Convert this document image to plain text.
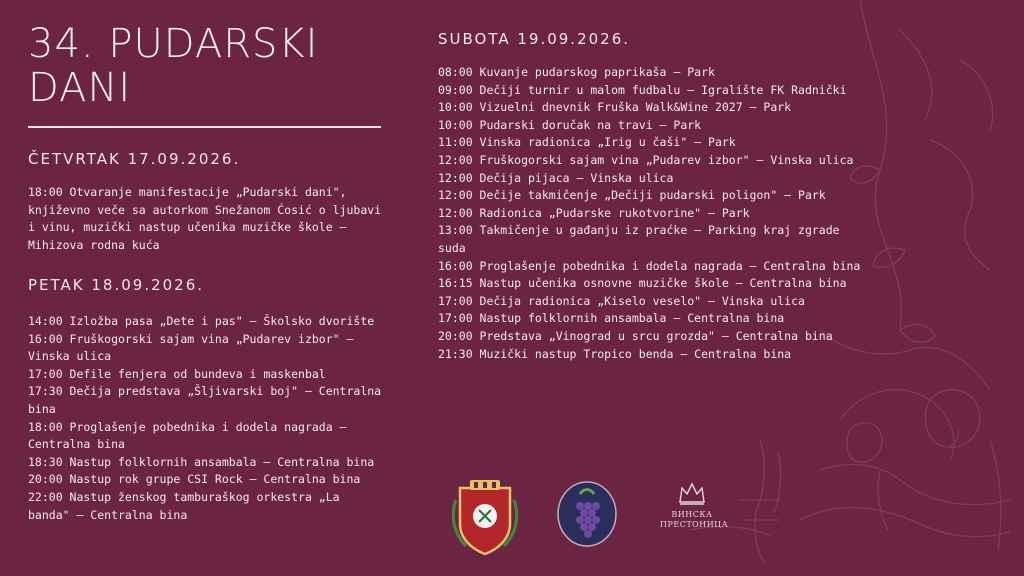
34. PUDARSKI
DANI
ČETVRTAK 17.09.2026.
18:00 Otvaranje manifestacije „Pudarski dani", književno veče sa autorkom Snežanom Ćosić o ljubavi i vinu, muzički nastup učenika muzičke škole – Mihizova rodna kuća
PETAK 18.09.2026.
14:00 Izložba pasa „Dete i pas" – Školsko dvorište
16:00 Fruškogorski sajam vina „Pudarev izbor" – Vinska ulica
17:00 Defile fenjera od bundeva i maskenbal
17:30 Dečija predstava „Šljivarski boj" – Centralna bina
18:00 Proglašenje pobednika i dodela nagrada – Centralna bina
18:30 Nastup folklornih ansambala – Centralna bina
20:00 Nastup rok grupe CSI Rock – Centralna bina
22:00 Nastup ženskog tamburaškog orkestra „La banda" – Centralna bina
SUBOTA 19.09.2026.
08:00 Kuvanje pudarskog paprikaša – Park
09:00 Dečiji turnir u malom fudbalu – Igralište FK Radnički
10:00 Vizuelni dnevnik Fruška Walk&Wine 2027 – Park
10:00 Pudarski doručak na travi – Park
11:00 Vinska radionica „Irig u čaši" – Park
12:00 Fruškogorski sajam vina „Pudarev izbor" – Vinska ulica
12:00 Dečija pijaca – Vinska ulica
12:00 Dečije takmičenje „Dečiji pudarski poligon" – Park
12:00 Radionica „Pudarske rukotvorine" – Park
13:00 Takmičenje u gađanju iz praćke – Parking kraj zgrade suda
16:00 Proglašenje pobednika i dodela nagrada – Centralna bina
16:15 Nastup učenika osnovne muzičke škole – Centralna bina
17:00 Dečija radionica „Kiselo veselo" – Vinska ulica
17:00 Nastup folklornih ansambala – Centralna bina
20:00 Predstava „Vinograd u srcu grozda" – Centralna bina
21:30 Muzički nastup Tropico benda – Centralna bina
ВИНСКА
ПРЕСТОНИЦА
